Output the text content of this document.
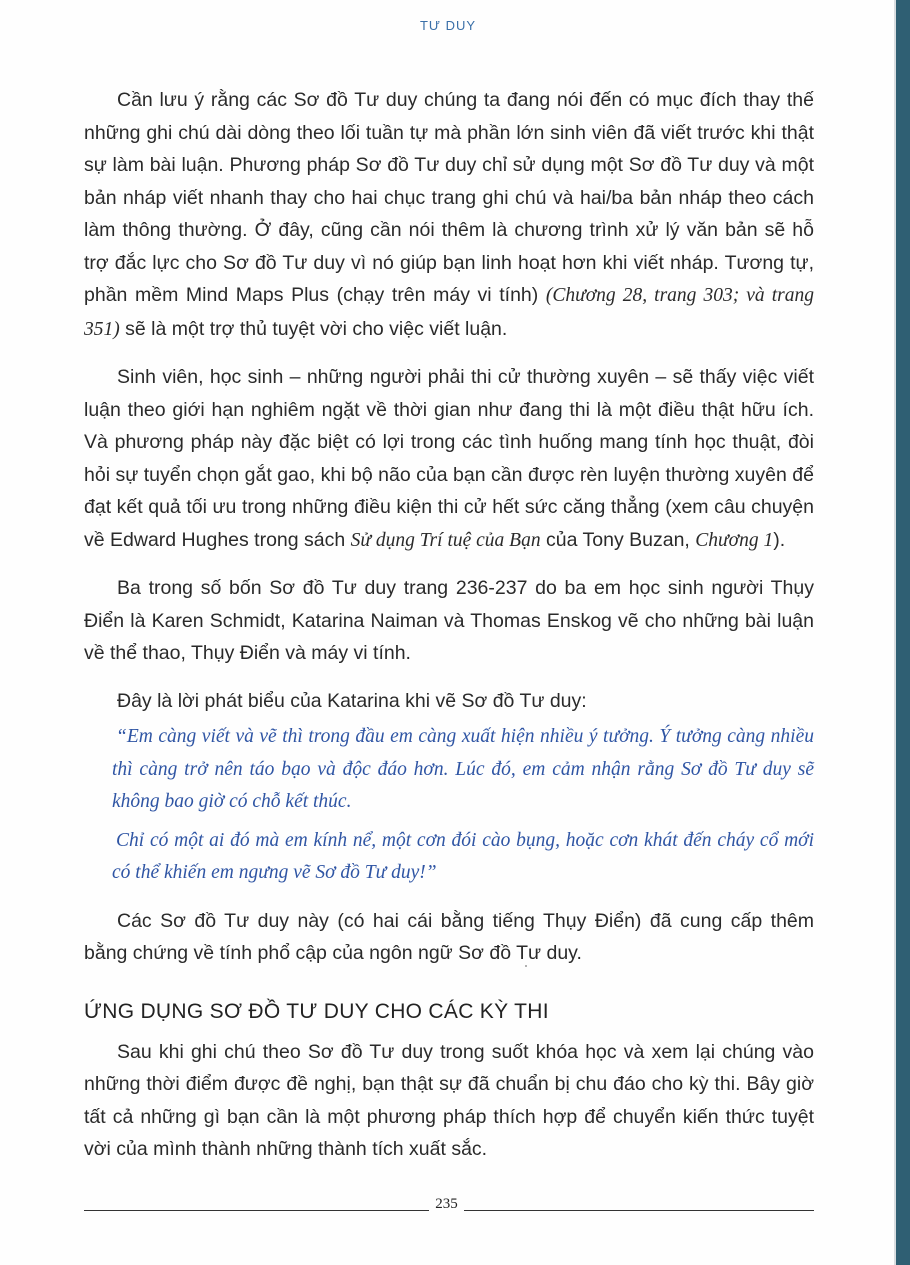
TƯ DUY

Cần lưu ý rằng các Sơ đồ Tư duy chúng ta đang nói đến có mục đích thay thế những ghi chú dài dòng theo lối tuần tự mà phần lớn sinh viên đã viết trước khi thật sự làm bài luận. Phương pháp Sơ đồ Tư duy chỉ sử dụng một Sơ đồ Tư duy và một bản nháp viết nhanh thay cho hai chục trang ghi chú và hai/ba bản nháp theo cách làm thông thường. Ở đây, cũng cần nói thêm là chương trình xử lý văn bản sẽ hỗ trợ đắc lực cho Sơ đồ Tư duy vì nó giúp bạn linh hoạt hơn khi viết nháp. Tương tự, phần mềm Mind Maps Plus (chạy trên máy vi tính) (Chương 28, trang 303; và trang 351) sẽ là một trợ thủ tuyệt vời cho việc viết luận.

Sinh viên, học sinh – những người phải thi cử thường xuyên – sẽ thấy việc viết luận theo giới hạn nghiêm ngặt về thời gian như đang thi là một điều thật hữu ích. Và phương pháp này đặc biệt có lợi trong các tình huống mang tính học thuật, đòi hỏi sự tuyển chọn gắt gao, khi bộ não của bạn cần được rèn luyện thường xuyên để đạt kết quả tối ưu trong những điều kiện thi cử hết sức căng thẳng (xem câu chuyện về Edward Hughes trong sách Sử dụng Trí tuệ của Bạn của Tony Buzan, Chương 1).

Ba trong số bốn Sơ đồ Tư duy trang 236-237 do ba em học sinh người Thụy Điển là Karen Schmidt, Katarina Naiman và Thomas Enskog vẽ cho những bài luận về thể thao, Thụy Điển và máy vi tính.

Đây là lời phát biểu của Katarina khi vẽ Sơ đồ Tư duy:

“Em càng viết và vẽ thì trong đầu em càng xuất hiện nhiều ý tưởng. Ý tưởng càng nhiều thì càng trở nên táo bạo và độc đáo hơn. Lúc đó, em cảm nhận rằng Sơ đồ Tư duy sẽ không bao giờ có chỗ kết thúc.

Chỉ có một ai đó mà em kính nể, một cơn đói cào bụng, hoặc cơn khát đến cháy cổ mới có thể khiến em ngưng vẽ Sơ đồ Tư duy!”

Các Sơ đồ Tư duy này (có hai cái bằng tiếng Thụy Điển) đã cung cấp thêm bằng chứng về tính phổ cập của ngôn ngữ Sơ đồ Tư duy.

ỨNG DỤNG SƠ ĐỒ TƯ DUY CHO CÁC KỲ THI

Sau khi ghi chú theo Sơ đồ Tư duy trong suốt khóa học và xem lại chúng vào những thời điểm được đề nghị, bạn thật sự đã chuẩn bị chu đáo cho kỳ thi. Bây giờ tất cả những gì bạn cần là một phương pháp thích hợp để chuyển kiến thức tuyệt vời của mình thành những thành tích xuất sắc.

235
